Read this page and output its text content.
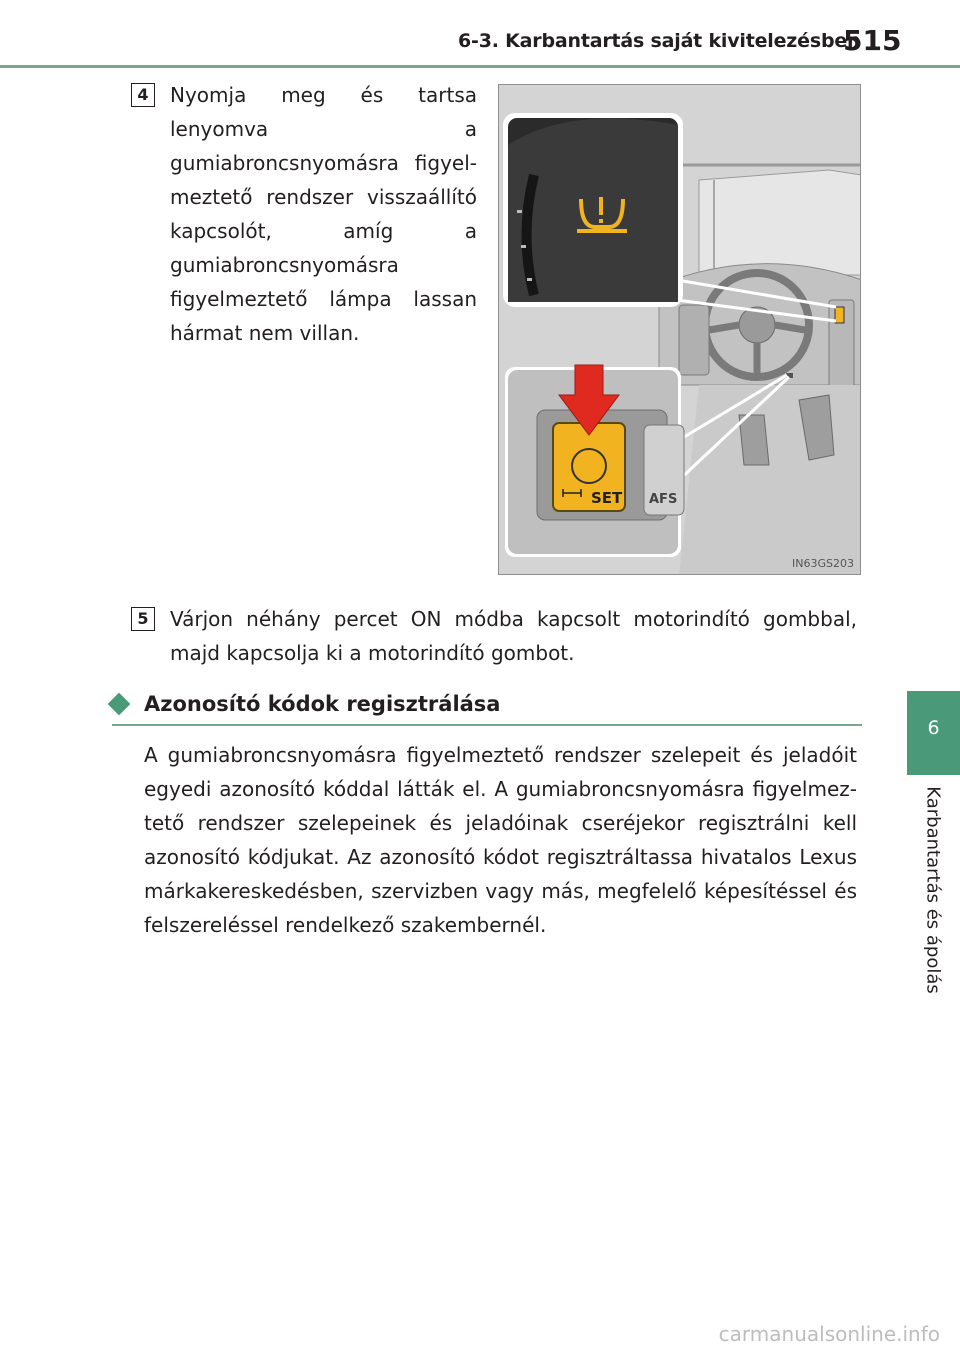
6-3. Karbantartás saját kivitelezésben
515
4	Nyomja meg és tartsa lenyomva a gumiabroncsnyomásra figyelmeztető rendszer visszaállító kapcsolót, amíg a gumiabroncsnyomásra figyelmeztető lámpa lassan hármat nem villan.
SET AFS
IN63GS203
5	Várjon néhány percet ON módba kapcsolt motorindító gombbal, majd kapcsolja ki a motorindító gombot.
Azonosító kódok regisztrálása
A gumiabroncsnyomásra figyelmeztető rendszer szelepeit és jeladóit egyedi azonosító kóddal látták el. A gumiabroncsnyomásra figyelmeztető rendszer szelepeinek és jeladóinak cseréjekor regisztrálni kell azonosító kódjukat. Az azonosító kódot regisztráltassa hivatalos Lexus márkakereskedésben, szervizben vagy más, megfelelő képesítéssel és felszereléssel rendelkező szakembernél.
6
Karbantartás és ápolás
carmanualsonline.info
